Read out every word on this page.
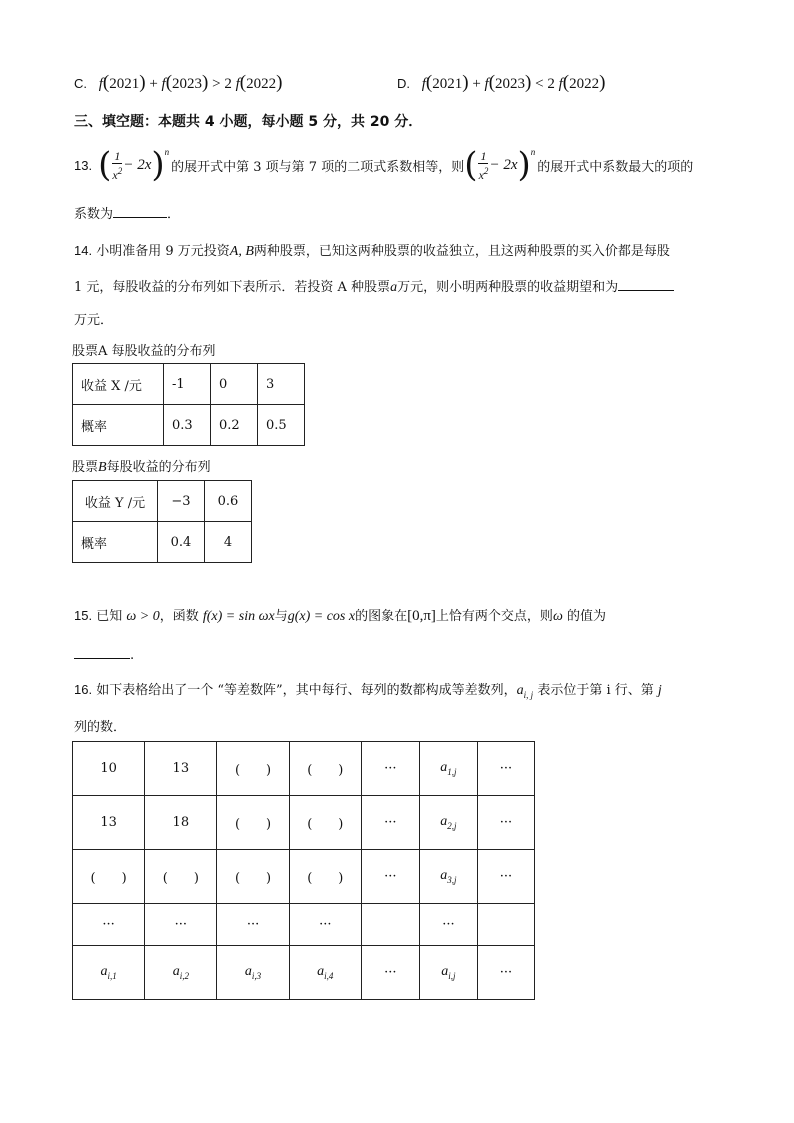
C. f(2021) + f(2023) > 2 f(2022)	D. f(2021) + f(2023) < 2 f(2022)
三、填空题：本题共 4 小题，每小题 5 分，共 20 分．
13. ( $\frac{1}{x^2} - 2x$ )$^n$
的展开式中第 3 项与第 7 项的二项式系数相等，则 ( $\frac{1}{x^2} - 2x$ )$^n$
的展开式中系数最大的项的
系数为	．
14. 小明准备用 9 万元投资A, B两种股票，已知这两种股票的收益独立，且这两种股票的买入价都是每股
1 元，每股收益的分布列如下表所示．若投资 A 种股票a万元，则小明两种股票的收益期望和为
万元．
股票A 每股收益的分布列
收益 X /元	-1	0	3
概率	0.3	0.2	0.5
股票B每股收益的分布列
收益 Y /元	−3	0.6
概率	0.4	4
15. 已知 ω > 0，函数 f(x) = sin ωx与g(x) = cos x的图象在[0,π]上恰有两个交点，则ω 的值为
.
16. 如下表格给出了一个 “等差数阵”，其中每行、每列的数都构成等差数列，$a_{i, j}$ 表示位于第 i 行、第 j
列的数．
10	13	(　　)	(　　)	···	$a_{1,j}$	···
13	18	(　　)	(　　)	···	$a_{2,j}$	···
(　　)	(　　)	(　　)	(　　)	···	$a_{3,j}$	···
···	···	···	···		···	
$a_{i,1}$	$a_{i,2}$	$a_{i,3}$	$a_{i,4}$	···	$a_{i,j}$	···
